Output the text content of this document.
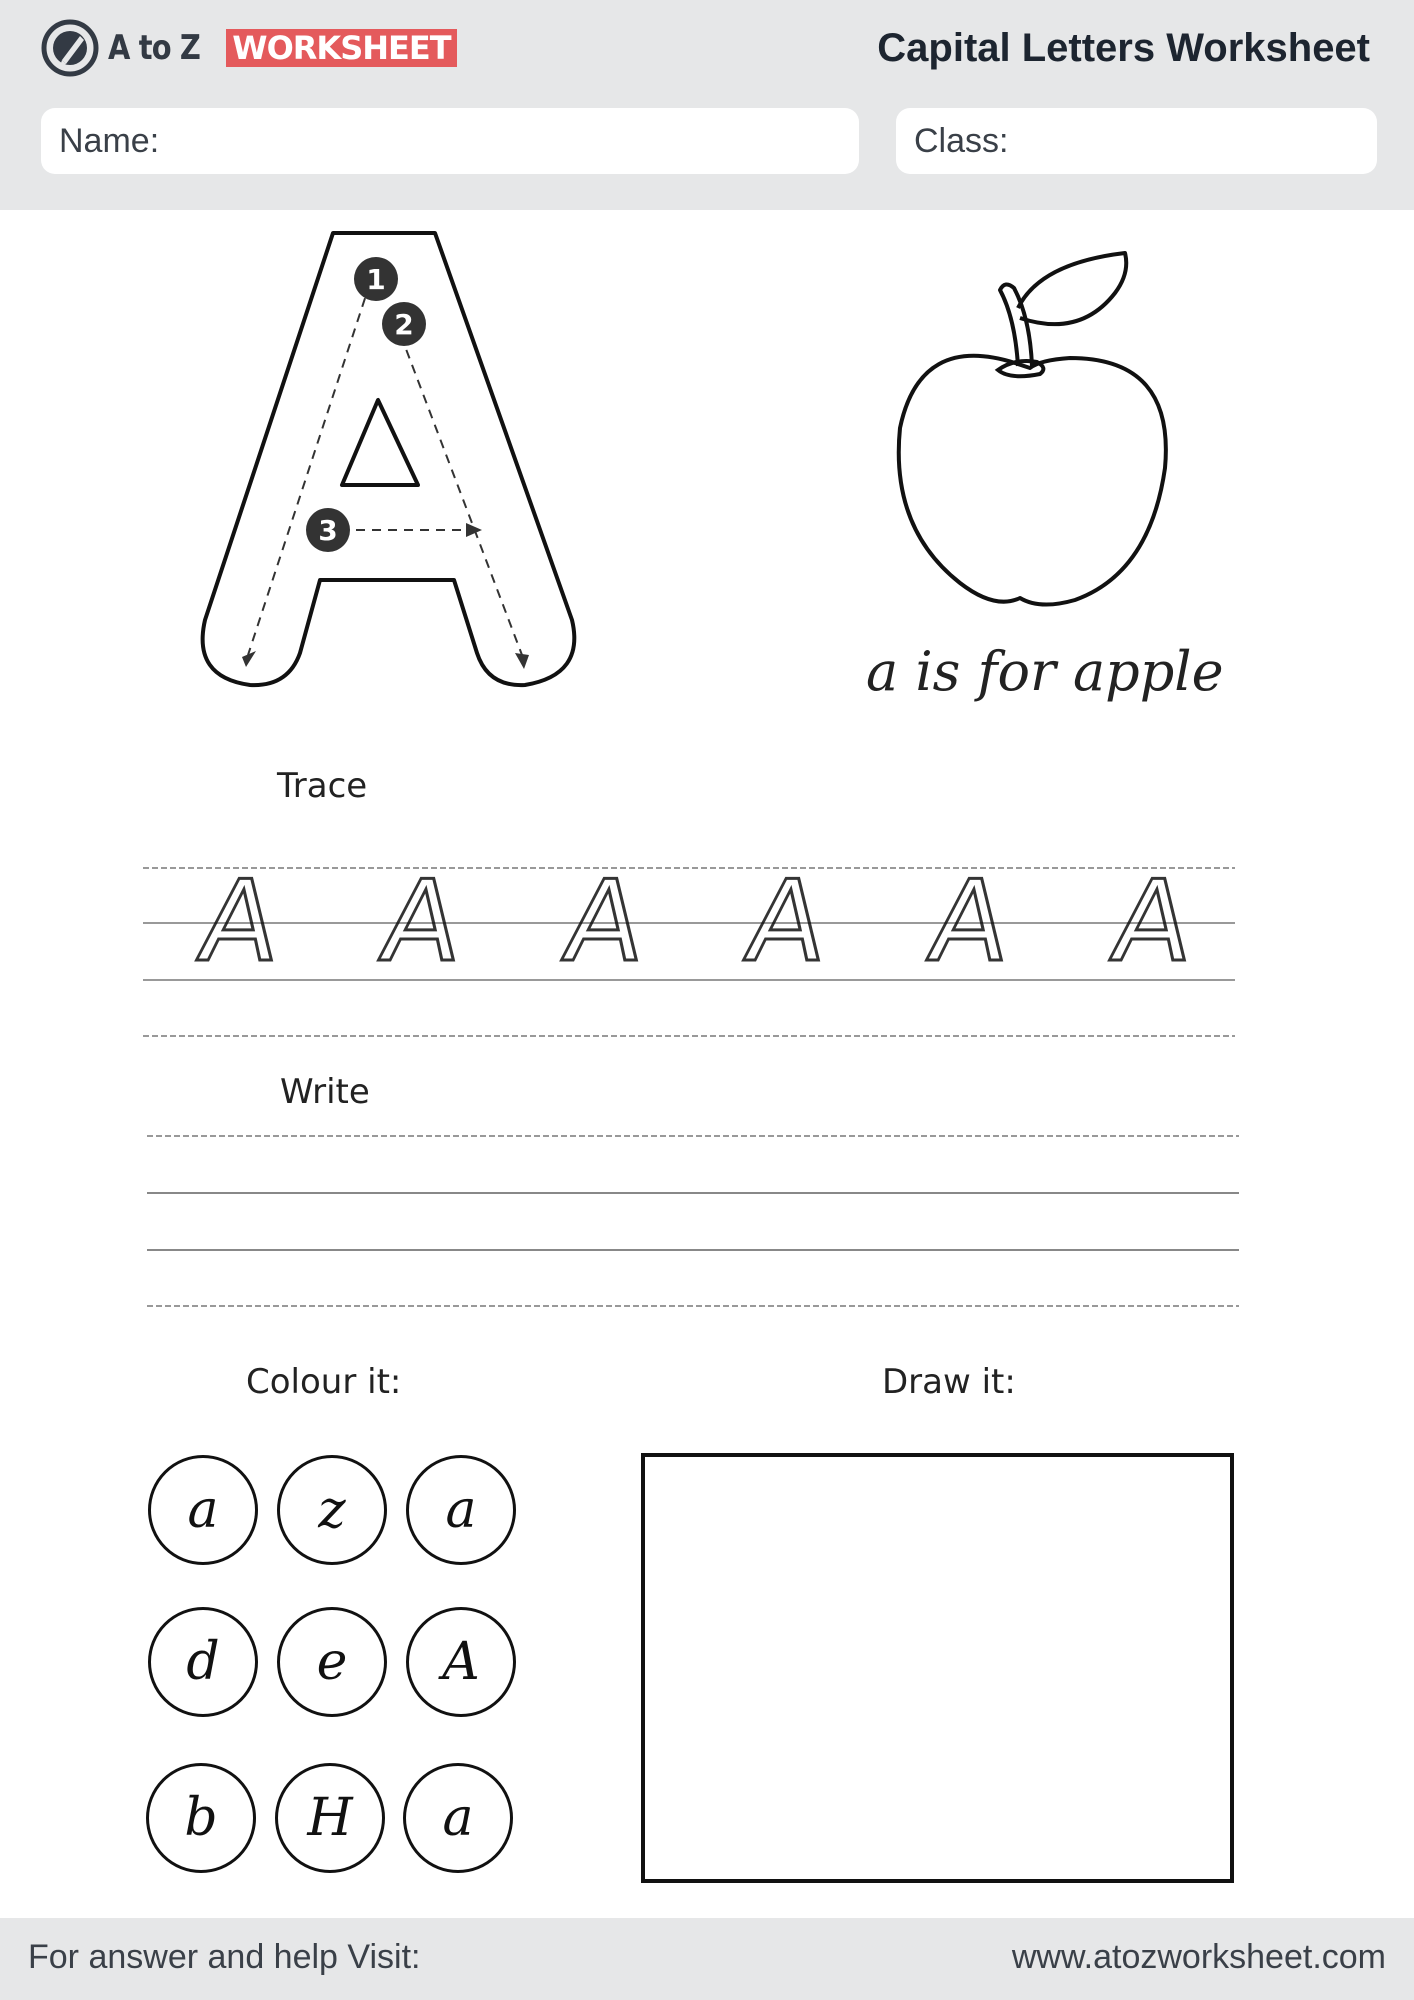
A to Z WORKSHEET	Capital Letters Worksheet
Name:	Class:
1
2
3
a is for apple
Trace
A A A A A A
Write
Colour it:
a z a
d e A
b H a
Draw it:
For answer and help Visit:	www.atozworksheet.com
